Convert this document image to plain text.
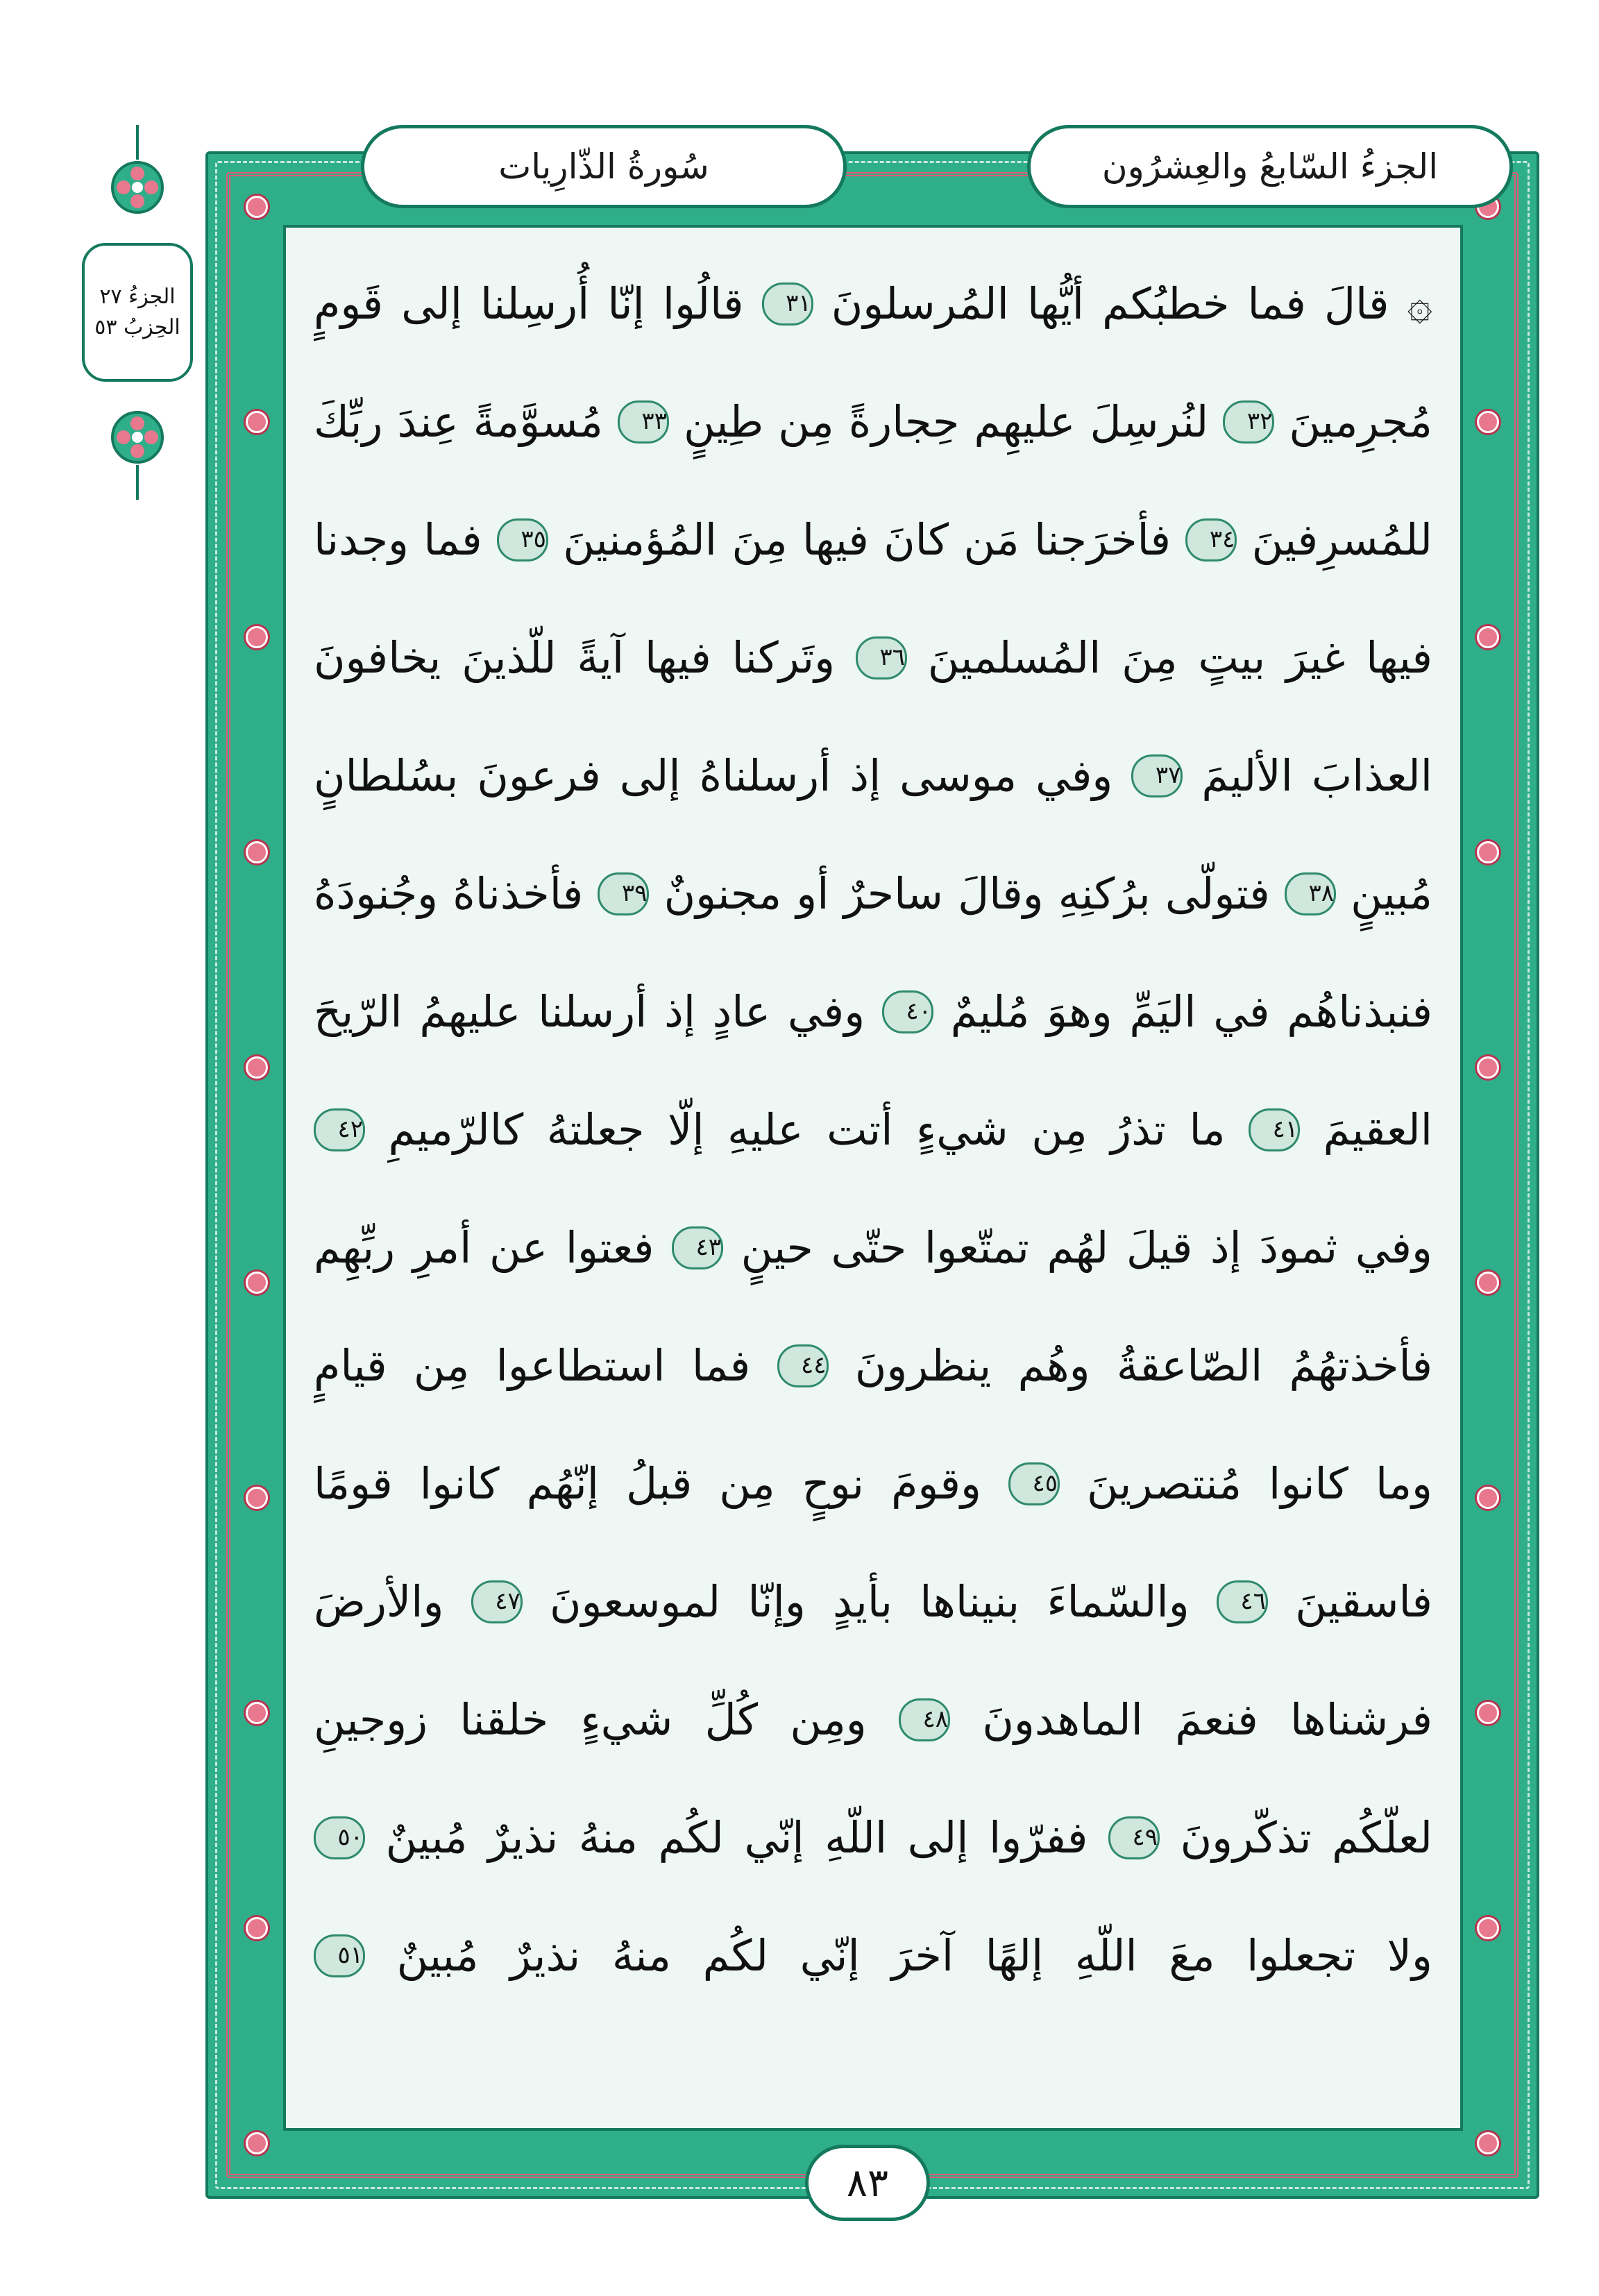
الجزءُ ٢٧
الحِزبُ ٥٣
الجزءُ السّابعُ والعِشرُون
سُورةُ الذّارِيات
۞ قالَ فما خطبُكم أيُّها المُرسلونَ ٣١ قالُوا إنّا أُرسِلنا إلى قَومٍ
مُجرِمينَ ٣٢ لنُرسِلَ عليهِم حِجارةً مِن طِينٍ ٣٣ مُسوَّمةً عِندَ ربِّكَ
للمُسرِفينَ ٣٤ فأخرَجنا مَن كانَ فيها مِنَ المُؤمنينَ ٣٥ فما وجدنا
فيها غيرَ بيتٍ مِنَ المُسلمينَ ٣٦ وتَركنا فيها آيةً للّذينَ يخافونَ
العذابَ الأليمَ ٣٧ وفي موسى إذ أرسلناهُ إلى فرعونَ بسُلطانٍ
مُبينٍ ٣٨ فتولّى برُكنِهِ وقالَ ساحرٌ أو مجنونٌ ٣٩ فأخذناهُ وجُنودَهُ
فنبذناهُم في اليَمِّ وهوَ مُليمٌ ٤٠ وفي عادٍ إذ أرسلنا عليهمُ الرّيحَ
العقيمَ ٤١ ما تذرُ مِن شيءٍ أتت عليهِ إلّا جعلتهُ كالرّميمِ ٤٢
وفي ثمودَ إذ قيلَ لهُم تمتّعوا حتّى حينٍ ٤٣ فعتوا عن أمرِ ربِّهِم
فأخذتهُمُ الصّاعقةُ وهُم ينظرونَ ٤٤ فما استطاعوا مِن قيامٍ
وما كانوا مُنتصرينَ ٤٥ وقومَ نوحٍ مِن قبلُ إنّهُم كانوا قومًا
فاسقينَ ٤٦ والسّماءَ بنيناها بأيدٍ وإنّا لموسعونَ ٤٧ والأرضَ
فرشناها فنعمَ الماهدونَ ٤٨ ومِن كُلِّ شيءٍ خلقنا زوجينِ
لعلّكُم تذكّرونَ ٤٩ ففرّوا إلى اللّهِ إنّي لكُم منهُ نذيرٌ مُبينٌ ٥٠
ولا تجعلوا معَ اللّهِ إلهًا آخرَ إنّي لكُم منهُ نذيرٌ مُبينٌ ٥١
٨٣
